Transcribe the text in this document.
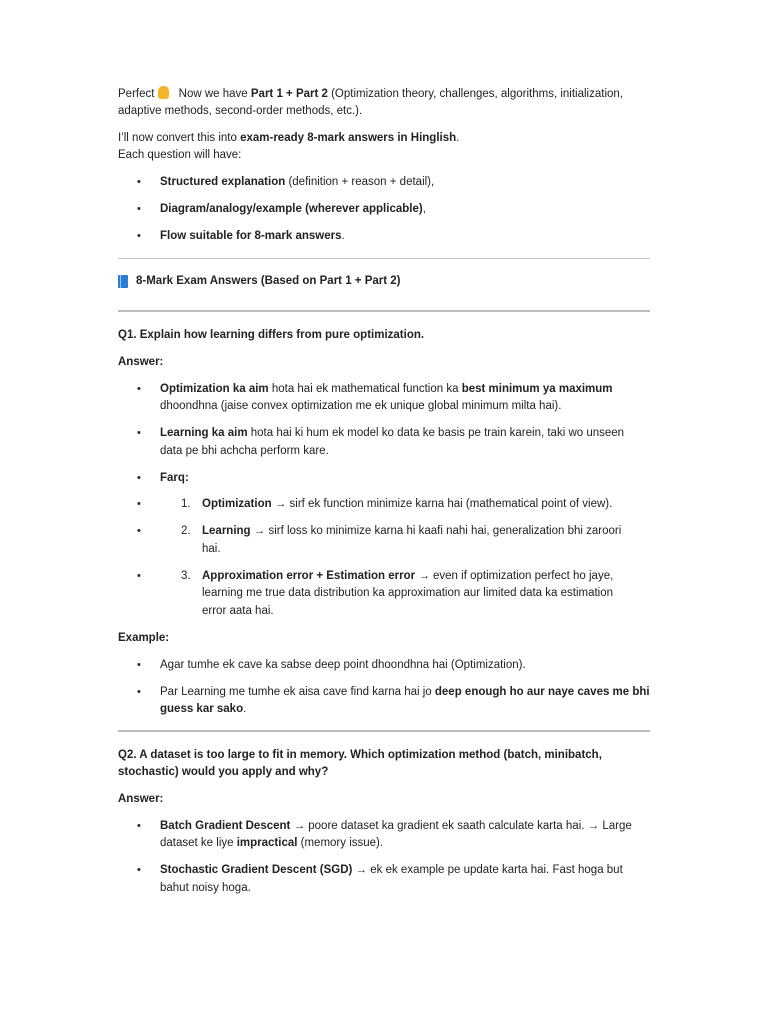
Perfect Now we have Part 1 + Part 2 (Optimization theory, challenges, algorithms, initialization,

adaptive methods, second-order methods, etc.).

I’ll now convert this into exam-ready 8-mark answers in Hinglish.

Each question will have:

• Structured explanation (definition + reason + detail),
• Diagram/analogy/example (wherever applicable),
• Flow suitable for 8-mark answers.
8-Mark Exam Answers (Based on Part 1 + Part 2)

Q1. Explain how learning differs from pure optimization.

Answer:

• Optimization ka aim hota hai ek mathematical function ka best minimum ya maximum
dhoondhna (jaise convex optimization me ek unique global minimum milta hai).
• Learning ka aim hota hai ki hum ek model ko data ke basis pe train karein, taki wo unseen
data pe bhi achcha perform kare.
• Farq:
• 1. Optimization → sirf ek function minimize karna hai (mathematical point of view).
• 2. Learning → sirf loss ko minimize karna hi kaafi nahi hai, generalization bhi zaroori
hai.
• 3. Approximation error + Estimation error → even if optimization perfect ho jaye,
learning me true data distribution ka approximation aur limited data ka estimation
error aata hai.

Example:

• Agar tumhe ek cave ka sabse deep point dhoondhna hai (Optimization).
• Par Learning me tumhe ek aisa cave find karna hai jo deep enough ho aur naye caves me bhi
guess kar sako.

Q2. A dataset is too large to fit in memory. Which optimization method (batch, minibatch,
stochastic) would you apply and why?

Answer:

• Batch Gradient Descent → poore dataset ka gradient ek saath calculate karta hai. → Large
dataset ke liye impractical (memory issue).
• Stochastic Gradient Descent (SGD) → ek ek example pe update karta hai. Fast hoga but
bahut noisy hoga.
